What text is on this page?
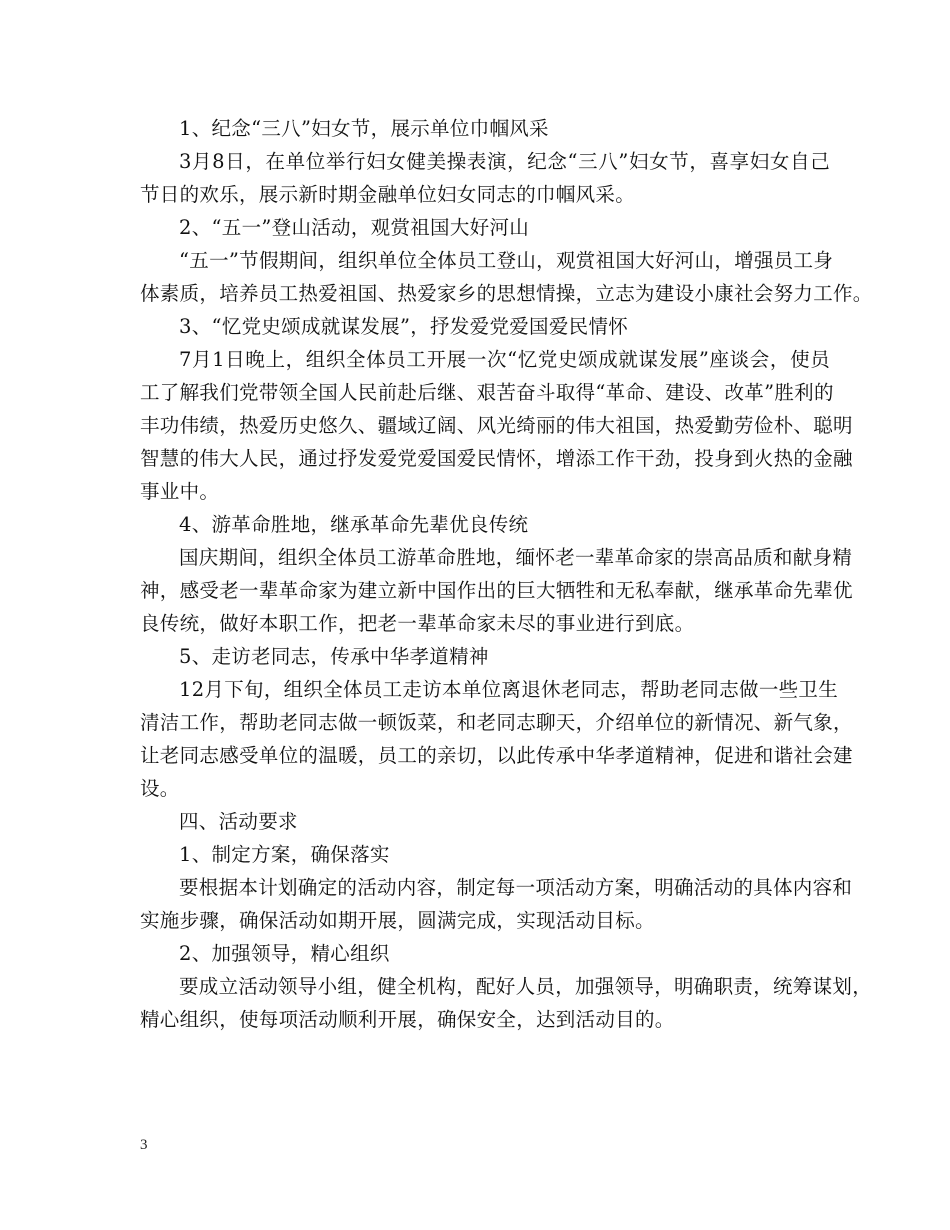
1、纪念“三八”妇女节，展示单位巾帼风采

3月8日，在单位举行妇女健美操表演，纪念“三八”妇女节，喜享妇女自己

节日的欢乐，展示新时期金融单位妇女同志的巾帼风采。

2、“五一”登山活动，观赏祖国大好河山

“五一”节假期间，组织单位全体员工登山，观赏祖国大好河山，增强员工身

体素质，培养员工热爱祖国、热爱家乡的思想情操，立志为建设小康社会努力工作。

3、“忆党史颂成就谋发展”，抒发爱党爱国爱民情怀

7月1日晚上，组织全体员工开展一次“忆党史颂成就谋发展”座谈会，使员

工了解我们党带领全国人民前赴后继、艰苦奋斗取得“革命、建设、改革”胜利的

丰功伟绩，热爱历史悠久、疆域辽阔、风光绮丽的伟大祖国，热爱勤劳俭朴、聪明

智慧的伟大人民，通过抒发爱党爱国爱民情怀，增添工作干劲，投身到火热的金融

事业中。

4、游革命胜地，继承革命先辈优良传统

国庆期间，组织全体员工游革命胜地，缅怀老一辈革命家的崇高品质和献身精

神，感受老一辈革命家为建立新中国作出的巨大牺牲和无私奉献，继承革命先辈优

良传统，做好本职工作，把老一辈革命家未尽的事业进行到底。

5、走访老同志，传承中华孝道精神

12月下旬，组织全体员工走访本单位离退休老同志，帮助老同志做一些卫生

清洁工作，帮助老同志做一顿饭菜，和老同志聊天，介绍单位的新情况、新气象，

让老同志感受单位的温暖，员工的亲切，以此传承中华孝道精神，促进和谐社会建

设。

四、活动要求

1、制定方案，确保落实

要根据本计划确定的活动内容，制定每一项活动方案，明确活动的具体内容和

实施步骤，确保活动如期开展，圆满完成，实现活动目标。

2、加强领导，精心组织

要成立活动领导小组，健全机构，配好人员，加强领导，明确职责，统筹谋划，

精心组织，使每项活动顺利开展，确保安全，达到活动目的。

3
